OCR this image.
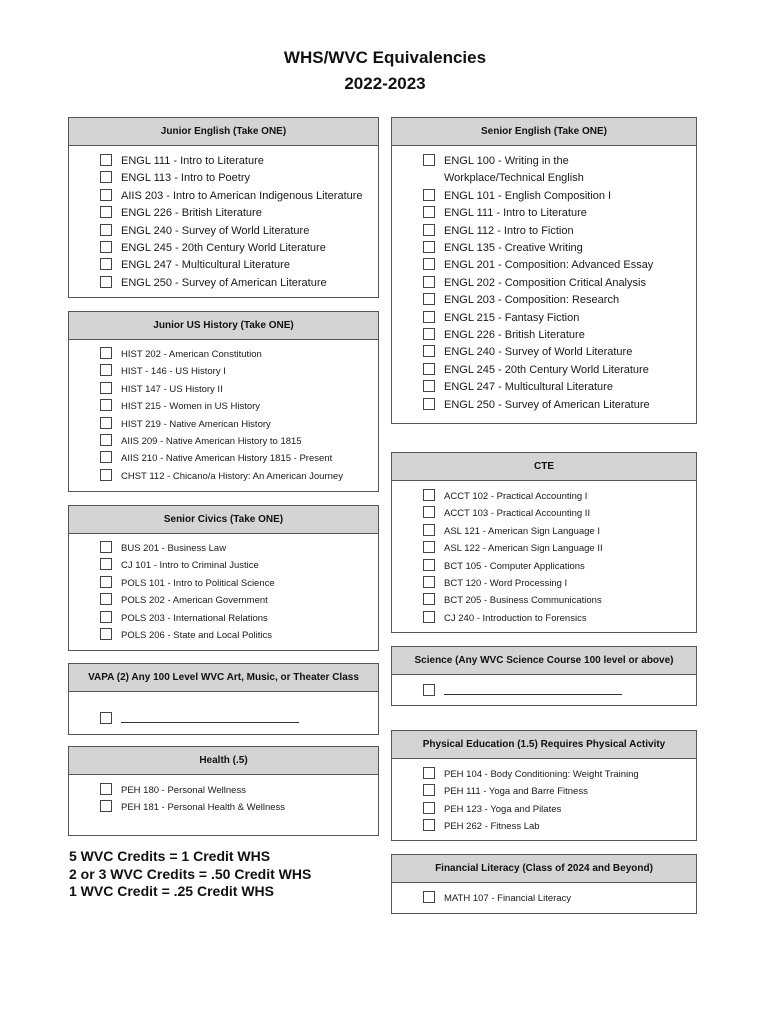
WHS/WVC Equivalencies
2022-2023
Junior English (Take ONE)
ENGL 111 - Intro to Literature
ENGL 113 - Intro to Poetry
AIIS 203 - Intro to American Indigenous Literature
ENGL 226 - British Literature
ENGL 240 - Survey of World Literature
ENGL 245 - 20th Century World Literature
ENGL 247 - Multicultural Literature
ENGL 250 - Survey of American Literature
Senior English (Take ONE)
ENGL 100 - Writing in the Workplace/Technical English
ENGL 101 - English Composition I
ENGL 111 - Intro to Literature
ENGL 112 - Intro to Fiction
ENGL 135 - Creative Writing
ENGL 201 - Composition: Advanced Essay
ENGL 202 - Composition Critical Analysis
ENGL 203 - Composition: Research
ENGL 215 - Fantasy Fiction
ENGL 226 - British Literature
ENGL 240 - Survey of World Literature
ENGL 245 - 20th Century World Literature
ENGL 247 - Multicultural Literature
ENGL 250 - Survey of American Literature
Junior US History (Take ONE)
HIST 202 - American Constitution
HIST - 146 - US History I
HIST 147 - US History II
HIST 215 - Women in US History
HIST 219 - Native American History
AIIS 209 - Native American History to 1815
AIIS 210 - Native American History 1815 - Present
CHST 112 - Chicano/a History: An American Journey
CTE
ACCT 102 - Practical Accounting I
ACCT 103 - Practical Accounting II
ASL 121 - American Sign Language I
ASL 122 - American Sign Language II
BCT 105 - Computer Applications
BCT 120 - Word Processing I
BCT 205 - Business Communications
CJ 240 - Introduction to Forensics
Senior Civics (Take ONE)
BUS 201 - Business Law
CJ 101 - Intro to Criminal Justice
POLS 101 - Intro to Political Science
POLS 202 - American Government
POLS 203 - International Relations
POLS 206 - State and Local Politics
Science (Any WVC Science Course 100 level or above)
VAPA (2) Any 100 Level WVC Art, Music, or Theater Class
Physical Education (1.5) Requires Physical Activity
PEH 104 - Body Conditioning: Weight Training
PEH 111 - Yoga and Barre Fitness
PEH 123 - Yoga and Pilates
PEH 262 - Fitness Lab
Health (.5)
PEH 180 - Personal Wellness
PEH 181 - Personal Health & Wellness
Financial Literacy (Class of 2024 and Beyond)
MATH 107 - Financial Literacy
5 WVC Credits = 1 Credit WHS
2 or 3 WVC Credits = .50 Credit WHS
1 WVC Credit = .25 Credit WHS
